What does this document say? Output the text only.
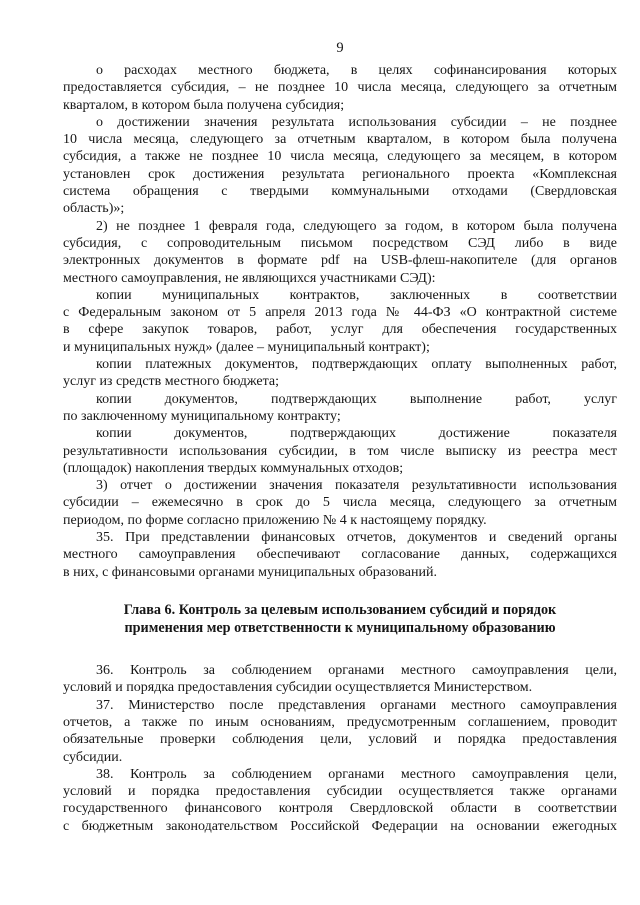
9
о расходах местного бюджета, в целях софинансирования которых
предоставляется субсидия, – не позднее 10 числа месяца, следующего за отчетным
кварталом, в котором была получена субсидия;
о достижении значения результата использования субсидии – не позднее
10 числа месяца, следующего за отчетным кварталом, в котором была получена
субсидия, а также не позднее 10 числа месяца, следующего за месяцем, в котором
установлен срок достижения результата регионального проекта «Комплексная
система обращения с твердыми коммунальными отходами (Свердловская
область)»;
2) не позднее 1 февраля года, следующего за годом, в котором была получена
субсидия, с сопроводительным письмом посредством СЭД либо в виде
электронных документов в формате pdf на USB-флеш-накопителе (для органов
местного самоуправления, не являющихся участниками СЭД):
копии муниципальных контрактов, заключенных в соответствии
с Федеральным законом от 5 апреля 2013 года № 44-ФЗ «О контрактной системе
в сфере закупок товаров, работ, услуг для обеспечения государственных
и муниципальных нужд» (далее – муниципальный контракт);
копии платежных документов, подтверждающих оплату выполненных работ,
услуг из средств местного бюджета;
копии документов, подтверждающих выполнение работ, услуг
по заключенному муниципальному контракту;
копии документов, подтверждающих достижение показателя
результативности использования субсидии, в том числе выписку из реестра мест
(площадок) накопления твердых коммунальных отходов;
3) отчет о достижении значения показателя результативности использования
субсидии – ежемесячно в срок до 5 числа месяца, следующего за отчетным
периодом, по форме согласно приложению № 4 к настоящему порядку.
35. При представлении финансовых отчетов, документов и сведений органы
местного самоуправления обеспечивают согласование данных, содержащихся
в них, с финансовыми органами муниципальных образований.
Глава 6. Контроль за целевым использованием субсидий и порядок
применения мер ответственности к муниципальному образованию
36. Контроль за соблюдением органами местного самоуправления цели,
условий и порядка предоставления субсидии осуществляется Министерством.
37. Министерство после представления органами местного самоуправления
отчетов, а также по иным основаниям, предусмотренным соглашением, проводит
обязательные проверки соблюдения цели, условий и порядка предоставления
субсидии.
38. Контроль за соблюдением органами местного самоуправления цели,
условий и порядка предоставления субсидии осуществляется также органами
государственного финансового контроля Свердловской области в соответствии
с бюджетным законодательством Российской Федерации на основании ежегодных
